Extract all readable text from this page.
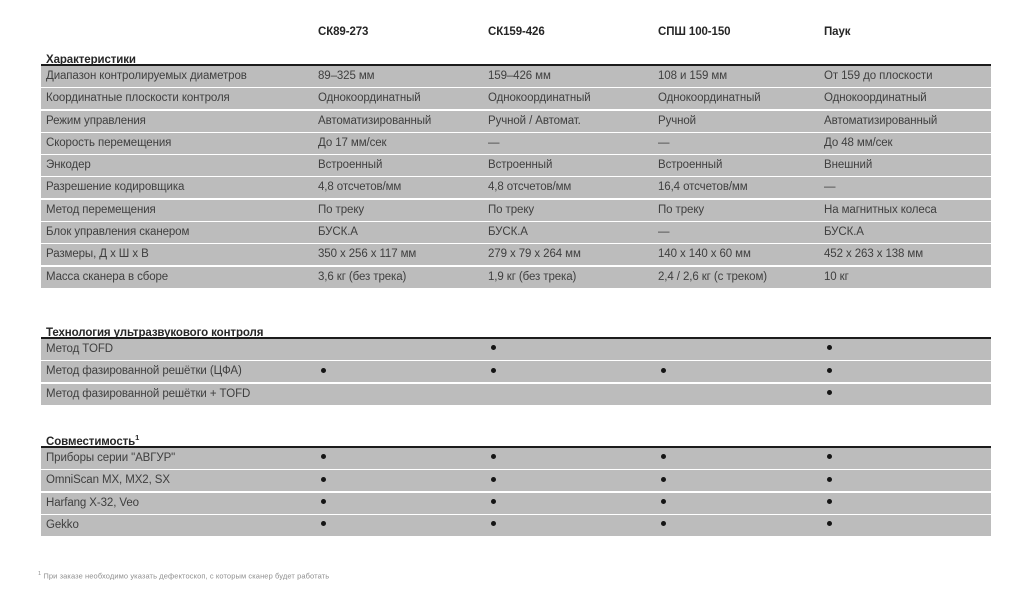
СК89-273	СК159-426	СПШ 100-150	Паук
Характеристики
Диапазон контролируемых диаметров	89–325 мм	159–426 мм	108 и 159 мм	От 159 до плоскости
Координатные плоскости контроля	Однокоординатный	Однокоординатный	Однокоординатный	Однокоординатный
Режим управления	Автоматизированный	Ручной / Автомат.	Ручной	Автоматизированный
Скорость перемещения	До 17 мм/сек	—	—	До 48 мм/сек
Энкодер	Встроенный	Встроенный	Встроенный	Внешний
Разрешение кодировщика	4,8 отсчетов/мм	4,8 отсчетов/мм	16,4 отсчетов/мм	—
Метод перемещения	По треку	По треку	По треку	На магнитных колеса
Блок управления сканером	БУСК.А	БУСК.А	—	БУСК.А
Размеры, Д х Ш х В	350 x 256 x 117 мм	279 x 79 x 264 мм	140 x 140 x 60 мм	452 x 263 x 138 мм
Масса сканера в сборе	3,6 кг (без трека)	1,9 кг (без трека)	2,4 / 2,6 кг (с треком)	10 кг
Технология ультразвукового контроля
Метод TOFD
Метод фазированной решётки (ЦФА)
Метод фазированной решётки + TOFD
Совместимость$^1$
Приборы серии "АВГУР"
OmniScan MX, MX2, SX
Harfang X-32, Veo
Gekko
$^1$ При заказе необходимо указать дефектоскоп, с которым сканер будет работать
